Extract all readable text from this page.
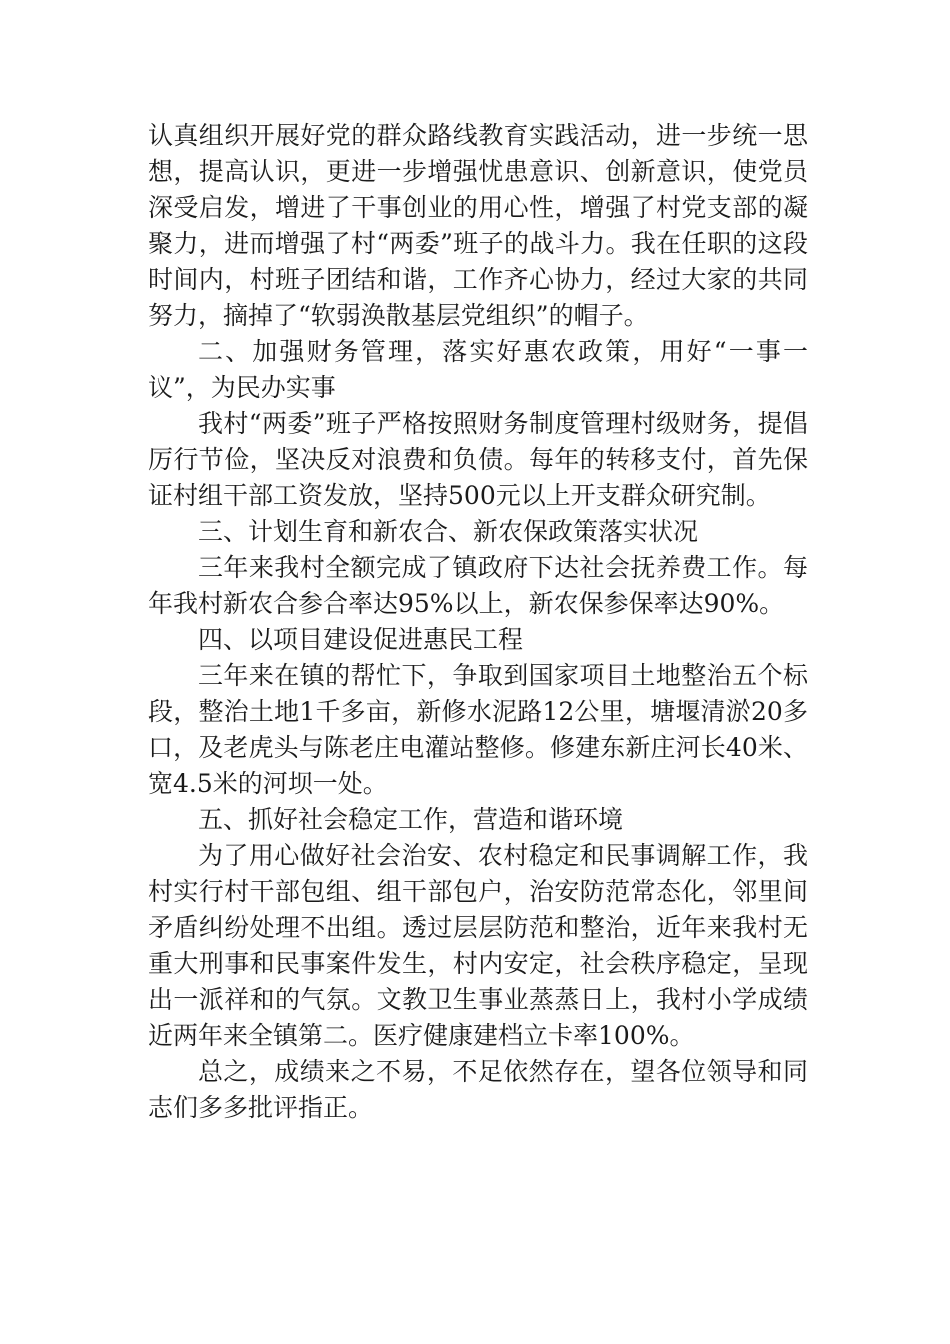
认真组织开展好党的群众路线教育实践活动，进一步统一思想，提高认识，更进一步增强忧患意识、创新意识，使党员深受启发，增进了干事创业的用心性，增强了村党支部的凝聚力，进而增强了村“两委”班子的战斗力。我在任职的这段时间内，村班子团结和谐，工作齐心协力，经过大家的共同努力，摘掉了“软弱涣散基层党组织”的帽子。

二、加强财务管理，落实好惠农政策，用好“一事一议”，为民办实事

我村“两委”班子严格按照财务制度管理村级财务，提倡厉行节俭，坚决反对浪费和负债。每年的转移支付，首先保证村组干部工资发放，坚持500元以上开支群众研究制。

三、计划生育和新农合、新农保政策落实状况

三年来我村全额完成了镇政府下达社会抚养费工作。每年我村新农合参合率达95%以上，新农保参保率达90%。

四、以项目建设促进惠民工程

三年来在镇的帮忙下，争取到国家项目土地整治五个标段，整治土地1千多亩，新修水泥路12公里，塘堰清淤20多口，及老虎头与陈老庄电灌站整修。修建东新庄河长40米、宽4.5米的河坝一处。

五、抓好社会稳定工作，营造和谐环境

为了用心做好社会治安、农村稳定和民事调解工作，我村实行村干部包组、组干部包户，治安防范常态化，邻里间矛盾纠纷处理不出组。透过层层防范和整治，近年来我村无重大刑事和民事案件发生，村内安定，社会秩序稳定，呈现出一派祥和的气氛。文教卫生事业蒸蒸日上，我村小学成绩近两年来全镇第二。医疗健康建档立卡率100%。

总之，成绩来之不易，不足依然存在，望各位领导和同志们多多批评指正。
